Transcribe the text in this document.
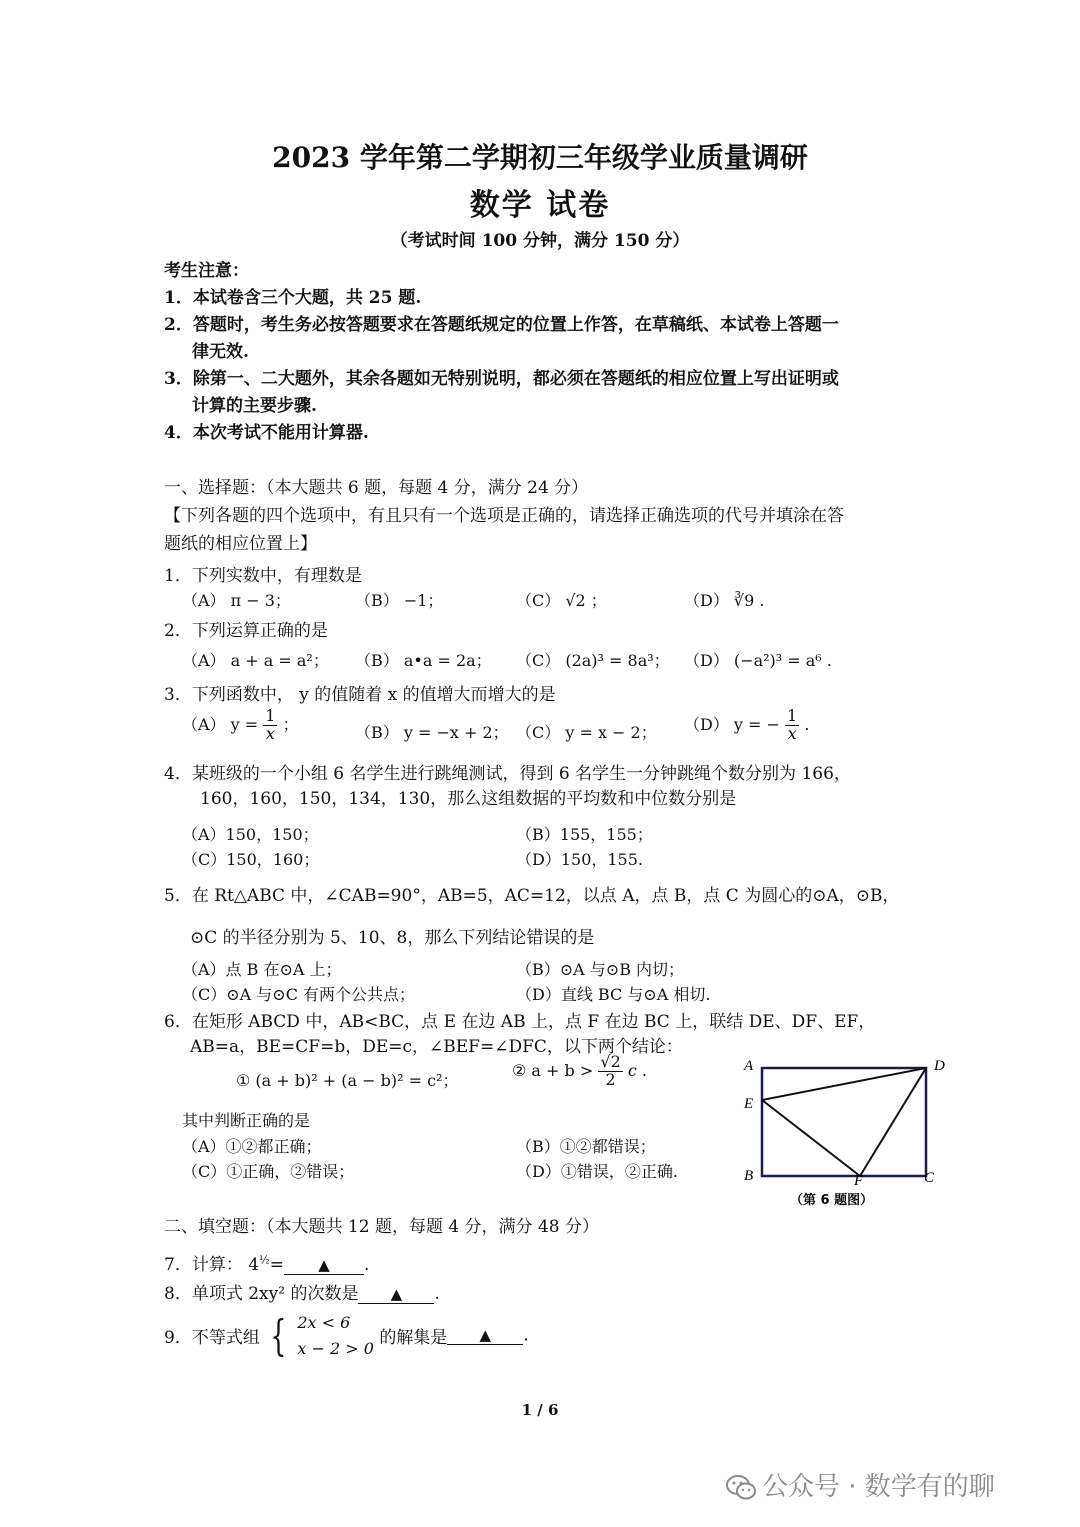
2023 学年第二学期初三年级学业质量调研
数学 试卷
（考试时间 100 分钟，满分 150 分）
考生注意：
1．本试卷含三个大题，共 25 题.
2．答题时，考生务必按答题要求在答题纸规定的位置上作答，在草稿纸、本试卷上答题一
律无效.
3．除第一、二大题外，其余各题如无特别说明，都必须在答题纸的相应位置上写出证明或
计算的主要步骤.
4．本次考试不能用计算器.
一、选择题：（本大题共 6 题，每题 4 分，满分 24 分）
【下列各题的四个选项中，有且只有一个选项是正确的，请选择正确选项的代号并填涂在答
题纸的相应位置上】
1．下列实数中，有理数是
（A） π − 3；	（B） −1；	（C） √2 ；	（D） ∛9 .
2．下列运算正确的是
（A） a + a = a²； （B） a•a = 2a； （C） (2a)³ = 8a³； （D） (−a²)³ = a⁶ .
3．下列函数中， y 的值随着 x 的值增大而增大的是
（A） $y = \frac{1}{x}$ ；	（B） y = −x + 2； （C） y = x − 2； （D） y = − $\frac{1}{x}$ .
4．某班级的一个小组 6 名学生进行跳绳测试，得到 6 名学生一分钟跳绳个数分别为 166，
160，160，150，134，130，那么这组数据的平均数和中位数分别是
（A）150，150；	（B）155，155；
（C）150，160；	（D）150，155.
5．在 Rt△ABC 中，∠CAB=90°，AB=5，AC=12，以点 A，点 B，点 C 为圆心的⊙A，⊙B，
⊙C 的半径分别为 5、10、8，那么下列结论错误的是
（A）点 B 在⊙A 上；	（B）⊙A 与⊙B 内切；
（C）⊙A 与⊙C 有两个公共点；	（D）直线 BC 与⊙A 相切.
6．在矩形 ABCD 中，AB<BC，点 E 在边 AB 上，点 F 在边 BC 上，联结 DE、DF、EF，
AB=a，BE=CF=b，DE=c，∠BEF=∠DFC，以下两个结论：
① (a + b)² + (a − b)² = c²；
② $a + b > \frac{√2}{2}$ c .
其中判断正确的是
（A）①②都正确；	（B）①②都错误；
（C）①正确，②错误；	（D）①错误，②正确.
A	D
E
B	F	C
（第 6 题图）
二、填空题：（本大题共 12 题，每题 4 分，满分 48 分）
7．计算： $4^{\frac{1}{2}}=$ ▲ .
8．单项式 2xy² 的次数是 ▲ .
9．不等式组 { 2x < 6
x − 2 > 0 的解集是 ▲ .
1 / 6
公众号 · 数学有的聊
